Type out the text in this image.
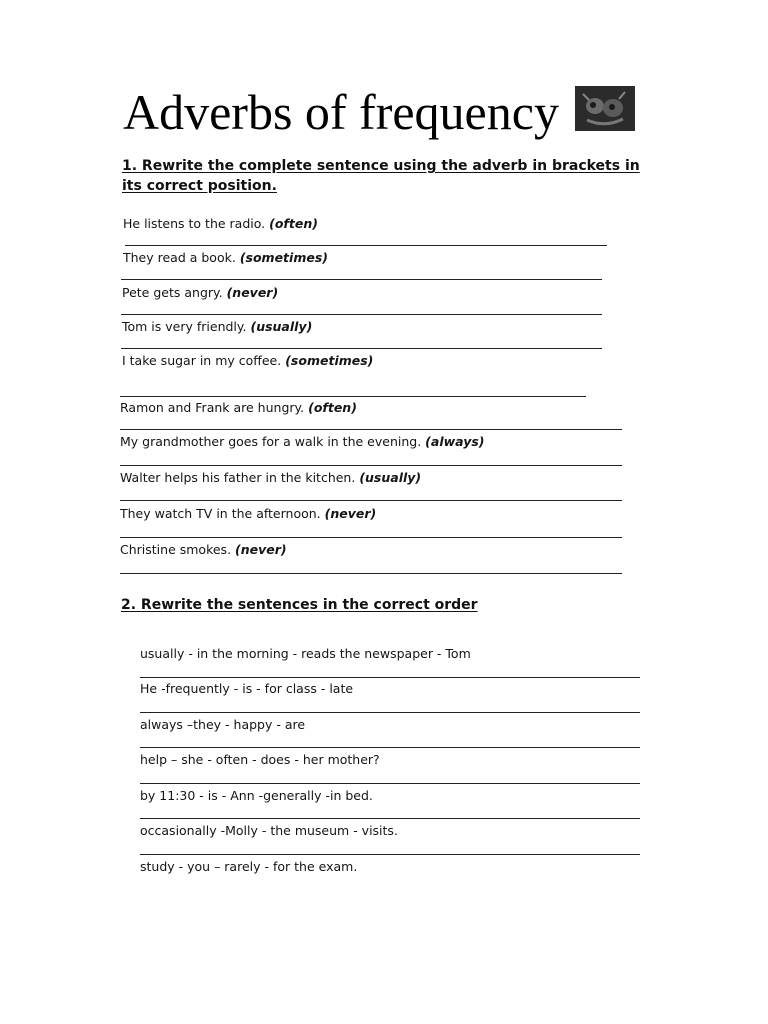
Adverbs of frequency
1. Rewrite the complete sentence using the adverb in brackets in its correct position.
He listens to the radio. (often)
They read a book. (sometimes)
Pete gets angry. (never)
Tom is very friendly. (usually)
I take sugar in my coffee. (sometimes)
Ramon and Frank are hungry. (often)
My grandmother goes for a walk in the evening. (always)
Walter helps his father in the kitchen. (usually)
They watch TV in the afternoon. (never)
Christine smokes. (never)
2. Rewrite the sentences in the correct order
usually - in the morning - reads the newspaper - Tom
He -frequently - is - for class - late
always –they - happy - are
help – she - often - does - her mother?
by 11:30 - is - Ann -generally -in bed.
occasionally -Molly - the museum - visits.
study - you – rarely - for the exam.
